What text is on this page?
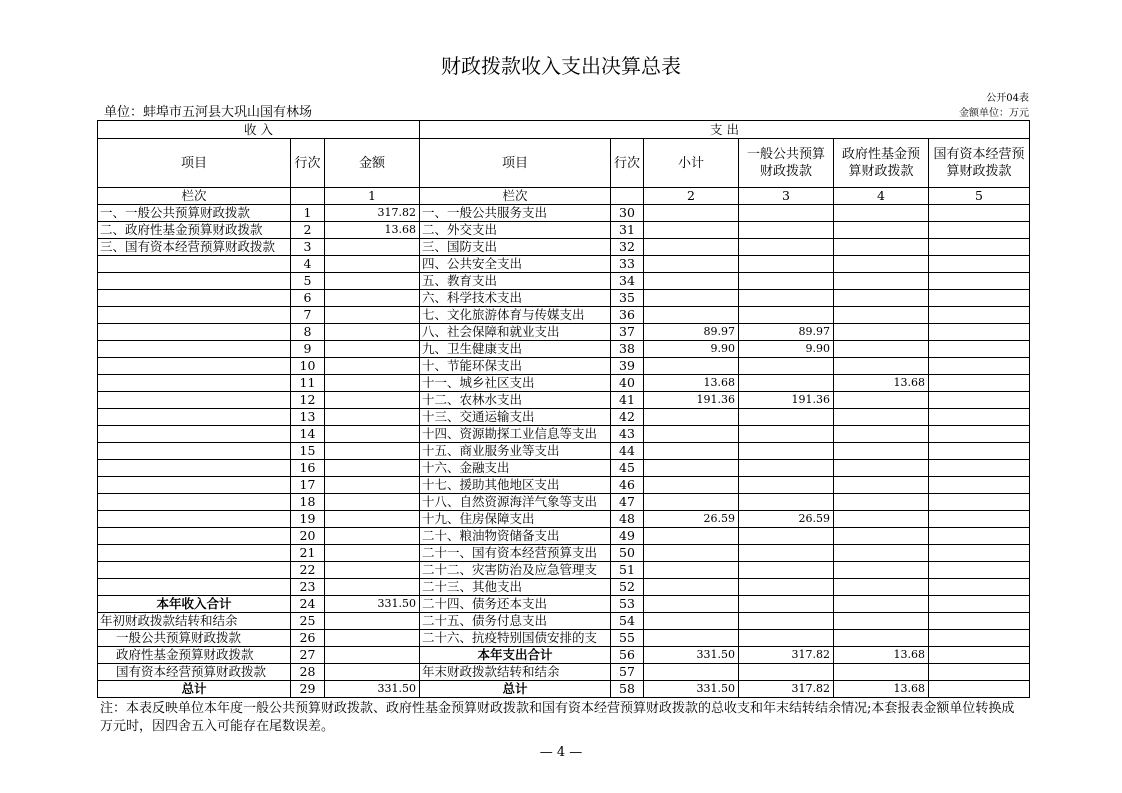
财政拨款收入支出决算总表
公开04表
单位：蚌埠市五河县大巩山国有林场	金额单位：万元
收 入			支 出					
项目	行次	金额	项目	行次	小计	一般公共预算财政拨款	政府性基金预算财政拨款	国有资本经营预算财政拨款
栏次		1	栏次		2	3	4	5
一、一般公共预算财政拨款	1	317.82	一、一般公共服务支出	30				
二、政府性基金预算财政拨款	2	13.68	二、外交支出	31				
三、国有资本经营预算财政拨款	3		三、国防支出	32				
	4		四、公共安全支出	33				
	5		五、教育支出	34				
	6		六、科学技术支出	35				
	7		七、文化旅游体育与传媒支出	36				
	8		八、社会保障和就业支出	37	89.97	89.97		
	9		九、卫生健康支出	38	9.90	9.90		
	10		十、节能环保支出	39				
	11		十一、城乡社区支出	40	13.68		13.68	
	12		十二、农林水支出	41	191.36	191.36		
	13		十三、交通运输支出	42				
	14		十四、资源勘探工业信息等支出	43				
	15		十五、商业服务业等支出	44				
	16		十六、金融支出	45				
	17		十七、援助其他地区支出	46				
	18		十八、自然资源海洋气象等支出	47				
	19		十九、住房保障支出	48	26.59	26.59		
	20		二十、粮油物资储备支出	49				
	21		二十一、国有资本经营预算支出	50				
	22		二十二、灾害防治及应急管理支	51				
	23		二十三、其他支出	52				
本年收入合计	24	331.50	二十四、债务还本支出	53				
年初财政拨款结转和结余	25		二十五、债务付息支出	54				
一般公共预算财政拨款	26		二十六、抗疫特别国债安排的支	55				
政府性基金预算财政拨款	27		本年支出合计	56	331.50	317.82	13.68	
国有资本经营预算财政拨款	28		年末财政拨款结转和结余	57				
总计	29	331.50	总计	58	331.50	317.82	13.68	
注：本表反映单位本年度一般公共预算财政拨款、政府性基金预算财政拨款和国有资本经营预算财政拨款的总收支和年末结转结余情况;本套报表金额单位转换成万元时，因四舍五入可能存在尾数误差。
— 4 —
